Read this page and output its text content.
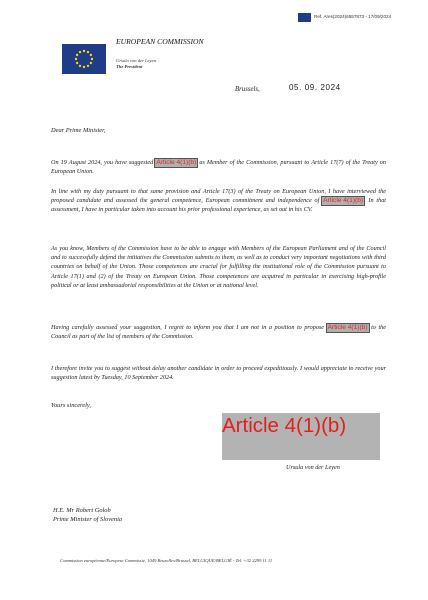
Ref. Ares(2024)6557873 - 17/09/2024
EUROPEAN COMMISSION
Ursula von der Leyen
The President
Brussels,	05. 09. 2024
Dear Prime Minister,
On 19 August 2024, you have suggested Article 4(1)(b) as Member of the Commission, pursuant to Article 17(7) of the Treaty on European Union.
In line with my duty pursuant to that same provision and Article 17(3) of the Treaty on European Union, I have interviewed the proposed candidate and assessed the general competence, European commitment and independence of Article 4(1)(b). In that assessment, I have in particular taken into account his prior professional experience, as set out in his CV.
As you know, Members of the Commission have to be able to engage with Members of the European Parliament and of the Council and to successfully defend the initiatives the Commission submits to them, as well as to conduct very important negotiations with third countries on behalf of the Union. Those competences are crucial for fulfilling the institutional role of the Commission pursuant to Article 17(1) and (2) of the Treaty on European Union. Those competences are acquired in particular in exercising high-profile political or at least ambassadorial responsibilities at the Union or at national level.
Having carefully assessed your suggestion, I regret to inform you that I am not in a position to propose Article 4(1)(b) to the Council as part of the list of members of the Commission.
I therefore invite you to suggest without delay another candidate in order to proceed expeditiously. I would appreciate to receive your suggestion latest by Tuesday, 10 September 2024.
Yours sincerely,
Article 4(1)(b)
Ursula von der Leyen
H.E. Mr Robert Golob
Prime Minister of Slovenia
Commission européenne/Europese Commissie, 1049 Bruxelles/Brussel, BELGIQUE/BELGIË - Tel. +32 2299 11 11
